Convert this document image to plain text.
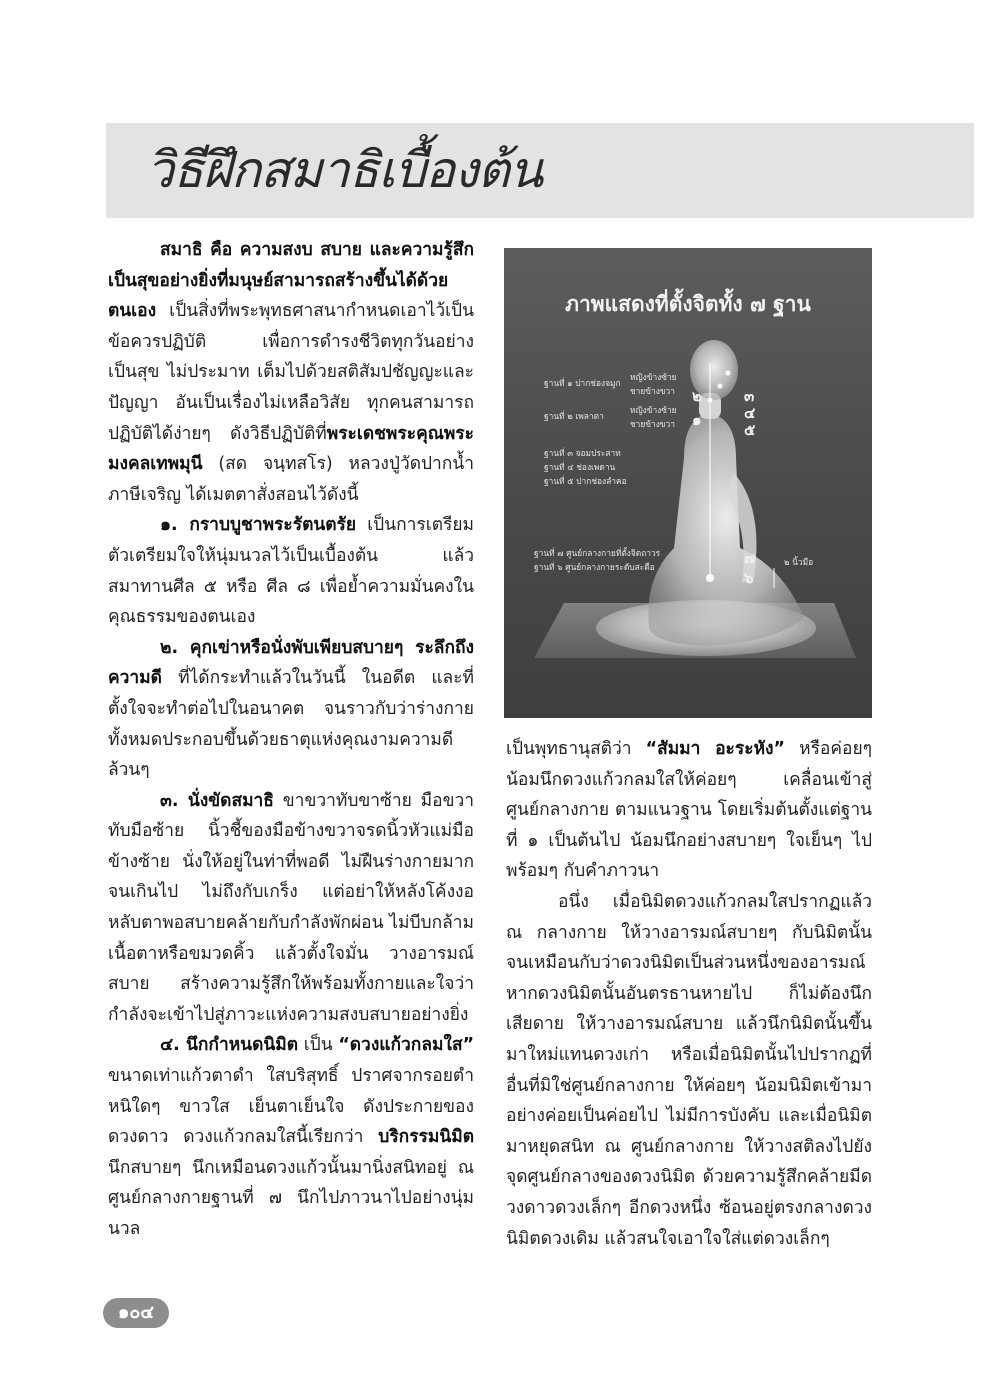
วิธีฝึกสมาธิเบื้องต้น

สมาธิ คือ ความสงบ สบาย และความรู้สึกเป็นสุขอย่างยิ่งที่มนุษย์สามารถสร้างขึ้นได้ด้วยตนเอง เป็นสิ่งที่พระพุทธศาสนากำหนดเอาไว้เป็นข้อควรปฏิบัติ เพื่อการดำรงชีวิตทุกวันอย่างเป็นสุข ไม่ประมาท เต็มไปด้วยสติสัมปชัญญะและปัญญา อันเป็นเรื่องไม่เหลือวิสัย ทุกคนสามารถปฏิบัติได้ง่ายๆ ดังวิธีปฏิบัติที่พระเดชพระคุณพระมงคลเทพมุนี (สด จนฺทสโร) หลวงปู่วัดปากน้ำ ภาษีเจริญ ได้เมตตาสั่งสอนไว้ดังนี้

๑. กราบบูชาพระรัตนตรัย เป็นการเตรียมตัวเตรียมใจให้นุ่มนวลไว้เป็นเบื้องต้น แล้วสมาทานศีล ๕ หรือ ศีล ๘ เพื่อย้ำความมั่นคงในคุณธรรมของตนเอง

๒. คุกเข่าหรือนั่งพับเพียบสบายๆ ระลึกถึงความดี ที่ได้กระทำแล้วในวันนี้ ในอดีต และที่ตั้งใจจะทำต่อไปในอนาคต จนราวกับว่าร่างกายทั้งหมดประกอบขึ้นด้วยธาตุแห่งคุณงามความดีล้วนๆ

๓. นั่งขัดสมาธิ ขาขวาทับขาซ้าย มือขวาทับมือซ้าย นิ้วชี้ของมือข้างขวาจรดนิ้วหัวแม่มือข้างซ้าย นั่งให้อยู่ในท่าที่พอดี ไม่ฝืนร่างกายมากจนเกินไป ไม่ถึงกับเกร็ง แต่อย่าให้หลังโค้งงอ หลับตาพอสบายคล้ายกับกำลังพักผ่อน ไม่บีบกล้ามเนื้อตาหรือขมวดคิ้ว แล้วตั้งใจมั่น วางอารมณ์สบาย สร้างความรู้สึกให้พร้อมทั้งกายและใจว่ากำลังจะเข้าไปสู่ภาวะแห่งความสงบสบายอย่างยิ่ง

๔. นึกกำหนดนิมิต เป็น “ดวงแก้วกลมใส” ขนาดเท่าแก้วตาดำ ใสบริสุทธิ์ ปราศจากรอยตำหนิใดๆ ขาวใส เย็นตาเย็นใจ ดังประกายของดวงดาว ดวงแก้วกลมใสนี้เรียกว่า บริกรรมนิมิต นึกสบายๆ นึกเหมือนดวงแก้วนั้นมานิ่งสนิทอยู่ ณ ศูนย์กลางกายฐานที่ ๗ นึกไปภาวนาไปอย่างนุ่มนวล

ภาพแสดงที่ตั้งจิตทั้ง ๗ ฐาน
ฐานที่ ๑ ปากช่องจมูก
หญิงข้างซ้าย
ชายข้างขวา
ฐานที่ ๒ เพลาตา
หญิงข้างซ้าย
ชายข้างขวา
ฐานที่ ๓ จอมประสาท
ฐานที่ ๔ ช่องเพดาน
ฐานที่ ๕ ปากช่องลำคอ
ฐานที่ ๗ ศูนย์กลางกายที่ตั้งจิตถาวร
ฐานที่ ๖ ศูนย์กลางกายระดับสะดือ	๒ นิ้วมือ
๒
๑
๓
๔
๕
๗
๖

เป็นพุทธานุสติว่า “สัมมา อะระหัง” หรือค่อยๆ น้อมนึกดวงแก้วกลมใสให้ค่อยๆ เคลื่อนเข้าสู่ศูนย์กลางกาย ตามแนวฐาน โดยเริ่มต้นตั้งแต่ฐานที่ ๑ เป็นต้นไป น้อมนึกอย่างสบายๆ ใจเย็นๆ ไปพร้อมๆ กับคำภาวนา

อนึ่ง เมื่อนิมิตดวงแก้วกลมใสปรากฏแล้ว ณ กลางกาย ให้วางอารมณ์สบายๆ กับนิมิตนั้น จนเหมือนกับว่าดวงนิมิตเป็นส่วนหนึ่งของอารมณ์ หากดวงนิมิตนั้นอันตรธานหายไป ก็ไม่ต้องนึกเสียดาย ให้วางอารมณ์สบาย แล้วนึกนิมิตนั้นขึ้นมาใหม่แทนดวงเก่า หรือเมื่อนิมิตนั้นไปปรากฏที่อื่นที่มิใช่ศูนย์กลางกาย ให้ค่อยๆ น้อมนิมิตเข้ามาอย่างค่อยเป็นค่อยไป ไม่มีการบังคับ และเมื่อนิมิตมาหยุดสนิท ณ ศูนย์กลางกาย ให้วางสติลงไปยังจุดศูนย์กลางของดวงนิมิต ด้วยความรู้สึกคล้ายมีดวงดาวดวงเล็กๆ อีกดวงหนึ่ง ซ้อนอยู่ตรงกลางดวงนิมิตดวงเดิม แล้วสนใจเอาใจใส่แต่ดวงเล็กๆ

๑๐๔
